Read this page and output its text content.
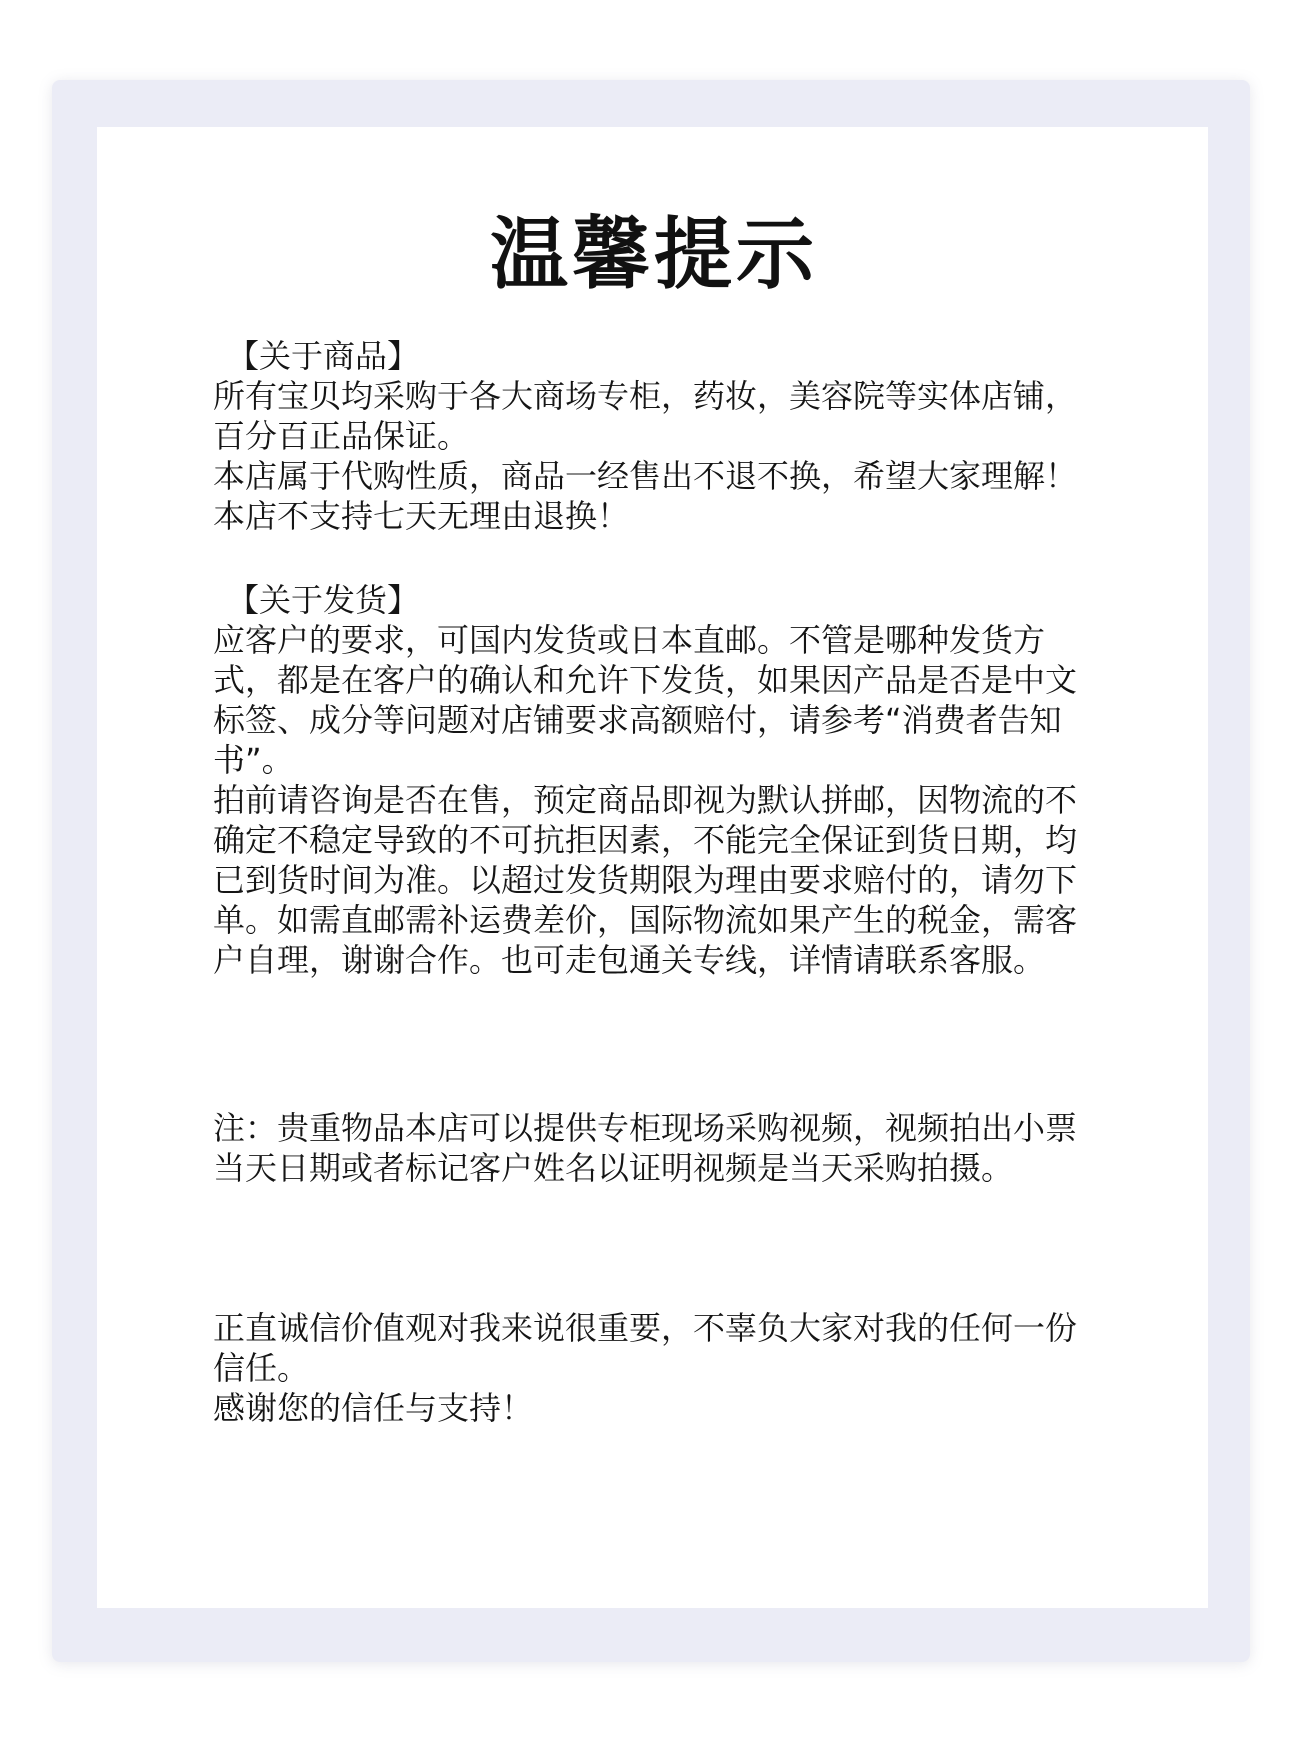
温馨提示
【关于商品】
所有宝贝均采购于各大商场专柜，药妆，美容院等实体店铺，百分百正品保证。
本店属于代购性质，商品一经售出不退不换，希望大家理解！本店不支持七天无理由退换！
【关于发货】
应客户的要求，可国内发货或日本直邮。不管是哪种发货方式，都是在客户的确认和允许下发货，如果因产品是否是中文标签、成分等问题对店铺要求高额赔付，请参考“消费者告知书”。
拍前请咨询是否在售，预定商品即视为默认拼邮，因物流的不确定不稳定导致的不可抗拒因素，不能完全保证到货日期，均已到货时间为准。以超过发货期限为理由要求赔付的，请勿下单。如需直邮需补运费差价，国际物流如果产生的税金，需客户自理，谢谢合作。也可走包通关专线，详情请联系客服。
注：贵重物品本店可以提供专柜现场采购视频，视频拍出小票当天日期或者标记客户姓名以证明视频是当天采购拍摄。
正直诚信价值观对我来说很重要，不辜负大家对我的任何一份信任。
感谢您的信任与支持！
